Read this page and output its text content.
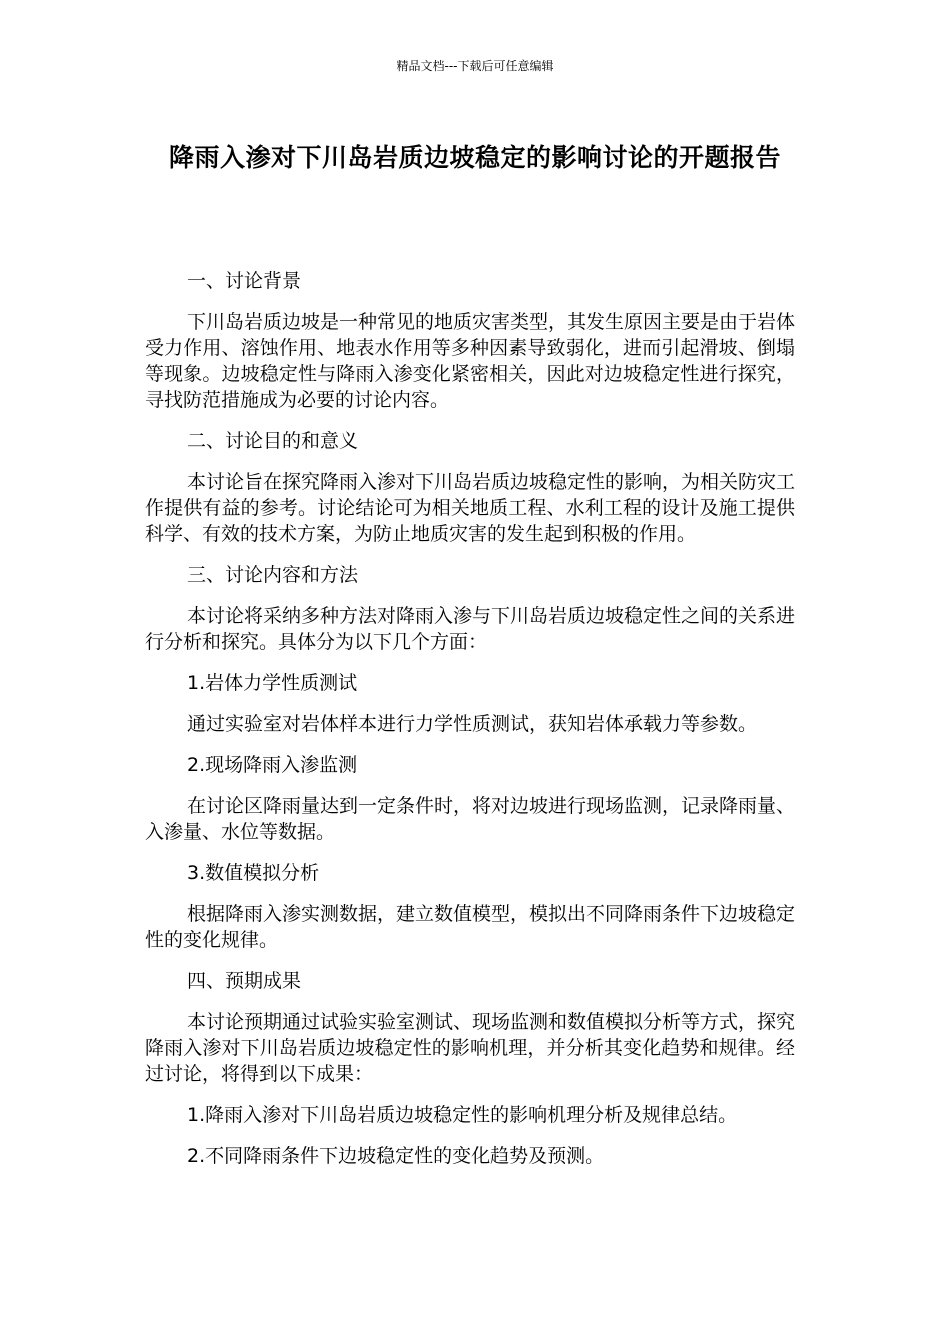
精品文档---下载后可任意编辑
降雨入渗对下川岛岩质边坡稳定的影响讨论的开题报告

一、讨论背景

下川岛岩质边坡是一种常见的地质灾害类型，其发生原因主要是由于岩体受力作用、溶蚀作用、地表水作用等多种因素导致弱化，进而引起滑坡、倒塌等现象。边坡稳定性与降雨入渗变化紧密相关，因此对边坡稳定性进行探究，寻找防范措施成为必要的讨论内容。

二、讨论目的和意义

本讨论旨在探究降雨入渗对下川岛岩质边坡稳定性的影响，为相关防灾工作提供有益的参考。讨论结论可为相关地质工程、水利工程的设计及施工提供科学、有效的技术方案，为防止地质灾害的发生起到积极的作用。

三、讨论内容和方法

本讨论将采纳多种方法对降雨入渗与下川岛岩质边坡稳定性之间的关系进行分析和探究。具体分为以下几个方面：

1.岩体力学性质测试

通过实验室对岩体样本进行力学性质测试，获知岩体承载力等参数。

2.现场降雨入渗监测

在讨论区降雨量达到一定条件时，将对边坡进行现场监测，记录降雨量、入渗量、水位等数据。

3.数值模拟分析

根据降雨入渗实测数据，建立数值模型，模拟出不同降雨条件下边坡稳定性的变化规律。

四、预期成果

本讨论预期通过试验实验室测试、现场监测和数值模拟分析等方式，探究降雨入渗对下川岛岩质边坡稳定性的影响机理，并分析其变化趋势和规律。经过讨论，将得到以下成果：

1.降雨入渗对下川岛岩质边坡稳定性的影响机理分析及规律总结。

2.不同降雨条件下边坡稳定性的变化趋势及预测。
